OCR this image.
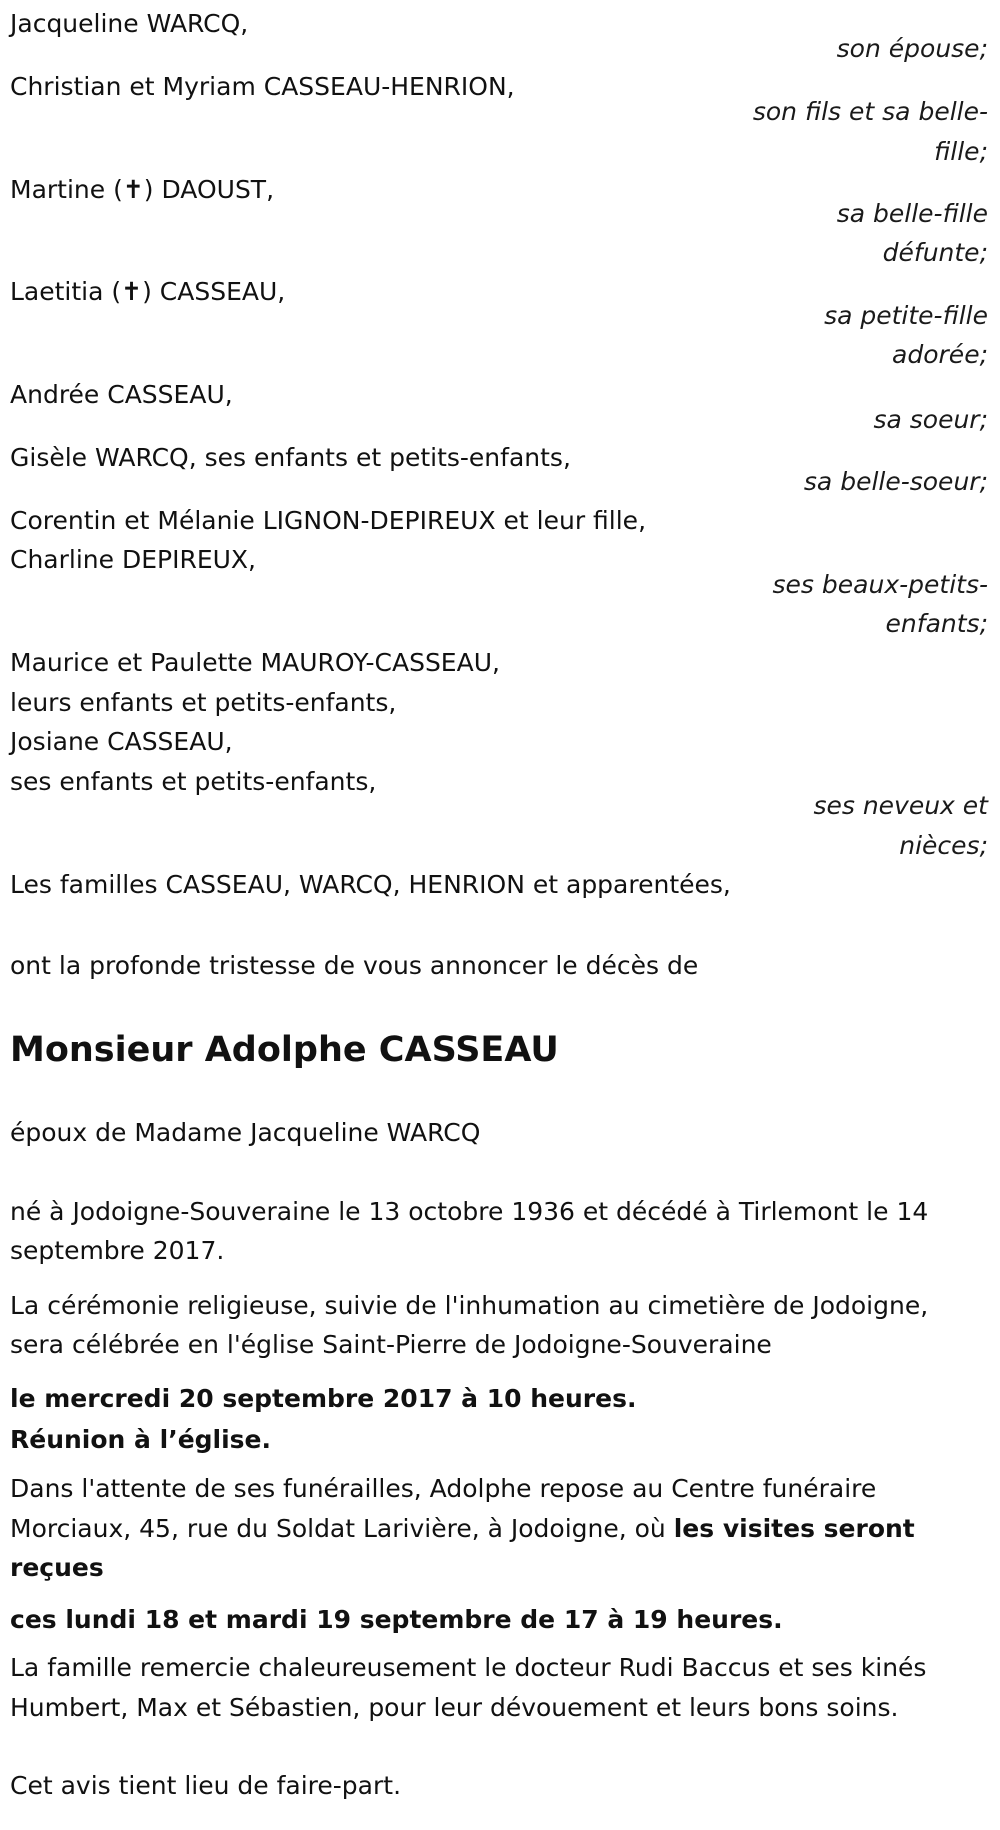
Jacqueline WARCQ,
son épouse;
Christian et Myriam CASSEAU-HENRION,
son fils et sa belle-
fille;
Martine (✝) DAOUST,
sa belle-fille
défunte;
Laetitia (✝) CASSEAU,
sa petite-fille
adorée;
Andrée CASSEAU,
sa soeur;
Gisèle WARCQ, ses enfants et petits-enfants,
sa belle-soeur;
Corentin et Mélanie LIGNON-DEPIREUX et leur fille,
Charline DEPIREUX,
ses beaux-petits-
enfants;
Maurice et Paulette MAUROY-CASSEAU,
leurs enfants et petits-enfants,
Josiane CASSEAU,
ses enfants et petits-enfants,
ses neveux et
nièces;
Les familles CASSEAU, WARCQ, HENRION et apparentées,
ont la profonde tristesse de vous annoncer le décès de
Monsieur Adolphe CASSEAU
époux de Madame Jacqueline WARCQ
né à Jodoigne-Souveraine le 13 octobre 1936 et décédé à Tirlemont le 14
septembre 2017.
La cérémonie religieuse, suivie de l'inhumation au cimetière de Jodoigne,
sera célébrée en l'église Saint-Pierre de Jodoigne-Souveraine
le mercredi 20 septembre 2017 à 10 heures.
Réunion à l’église.
Dans l'attente de ses funérailles, Adolphe repose au Centre funéraire
Morciaux, 45, rue du Soldat Larivière, à Jodoigne, où les visites seront
reçues
ces lundi 18 et mardi 19 septembre de 17 à 19 heures.
La famille remercie chaleureusement le docteur Rudi Baccus et ses kinés
Humbert, Max et Sébastien, pour leur dévouement et leurs bons soins.
Cet avis tient lieu de faire-part.
